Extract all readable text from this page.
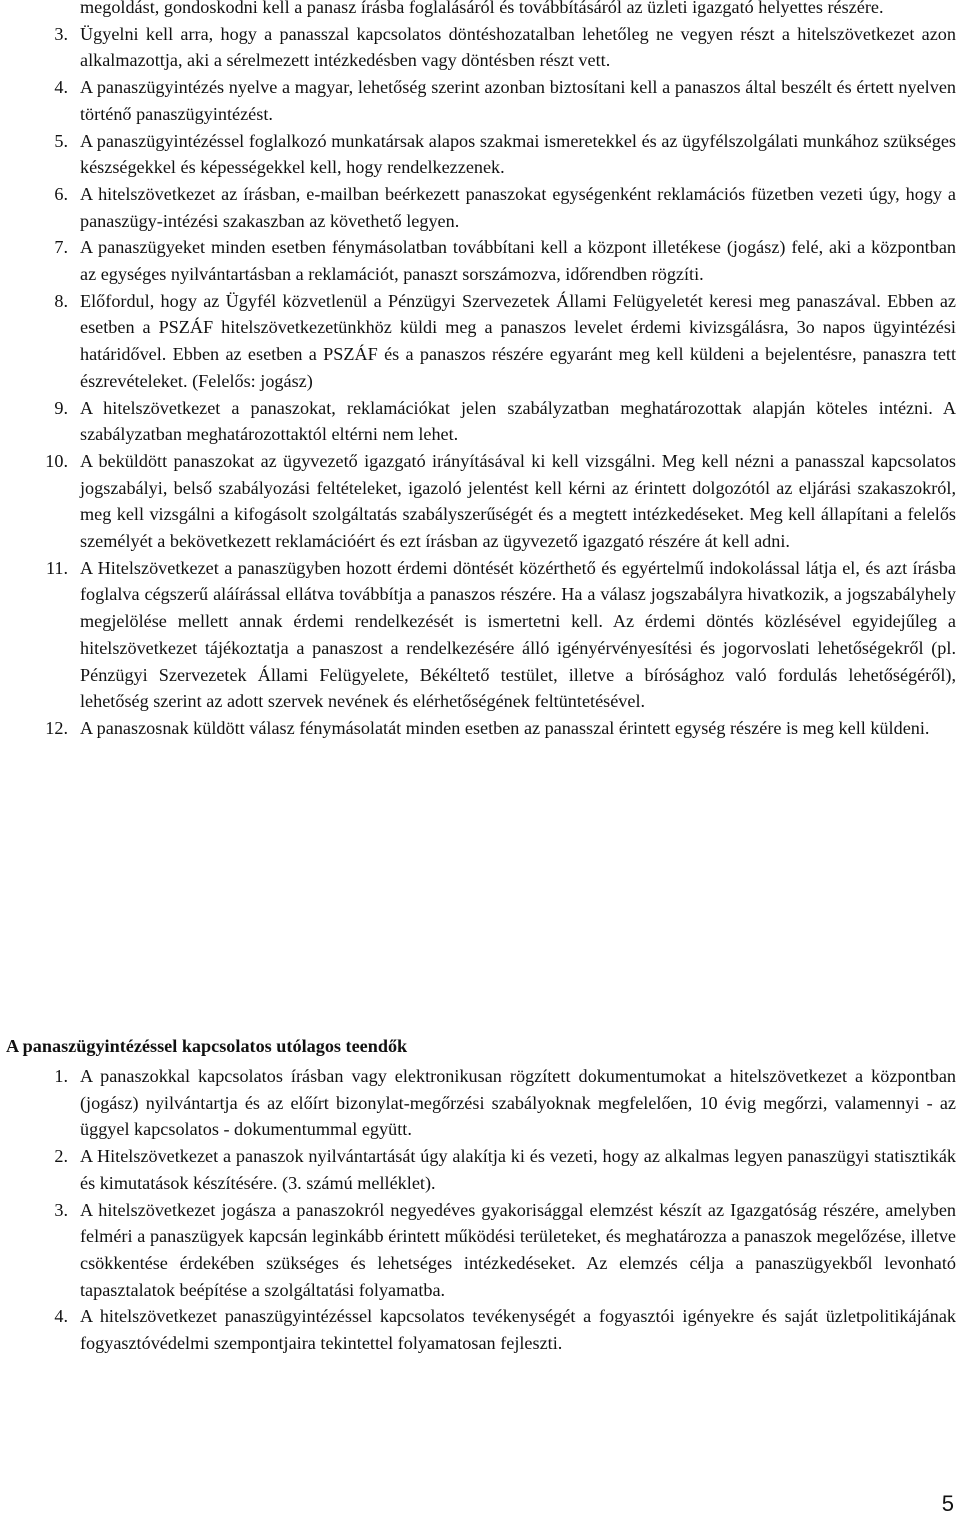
megoldást, gondoskodni kell a panasz írásba foglalásáról és továbbításáról az üzleti igazgató helyettes részére.
3. Ügyelni kell arra, hogy a panasszal kapcsolatos döntéshozatalban lehetőleg ne vegyen részt a hitelszövetkezet azon alkalmazottja, aki a sérelmezett intézkedésben vagy döntésben részt vett.
4. A panaszügyintézés nyelve a magyar, lehetőség szerint azonban biztosítani kell a panaszos által beszélt és értett nyelven történő panaszügyintézést.
5. A panaszügyintézéssel foglalkozó munkatársak alapos szakmai ismeretekkel és az ügyfélszolgálati munkához szükséges készségekkel és képességekkel kell, hogy rendelkezzenek.
6. A hitelszövetkezet az írásban, e-mailban beérkezett panaszokat egységenként reklamációs füzetben vezeti úgy, hogy a panaszügy-intézési szakaszban az követhető legyen.
7. A panaszügyeket minden esetben fénymásolatban továbbítani kell a központ illetékese (jogász) felé, aki a központban az egységes nyilvántartásban a reklamációt, panaszt sorszámozva, időrendben rögzíti.
8. Előfordul, hogy az Ügyfél közvetlenül a Pénzügyi Szervezetek Állami Felügyeletét keresi meg panaszával. Ebben az esetben a PSZÁF hitelszövetkezetünkhöz küldi meg a panaszos levelet érdemi kivizsgálásra, 3o napos ügyintézési határidővel. Ebben az esetben a PSZÁF és a panaszos részére egyaránt meg kell küldeni a bejelentésre, panaszra tett észrevételeket. (Felelős: jogász)
9. A hitelszövetkezet a panaszokat, reklamációkat jelen szabályzatban meghatározottak alapján köteles intézni. A szabályzatban meghatározottaktól eltérni nem lehet.
10. A beküldött panaszokat az ügyvezető igazgató irányításával ki kell vizsgálni. Meg kell nézni a panasszal kapcsolatos jogszabályi, belső szabályozási feltételeket, igazoló jelentést kell kérni az érintett dolgozótól az eljárási szakaszokról, meg kell vizsgálni a kifogásolt szolgáltatás szabályszerűségét és a megtett intézkedéseket. Meg kell állapítani a felelős személyét a bekövetkezett reklamációért és ezt írásban az ügyvezető igazgató részére át kell adni.
11. A Hitelszövetkezet a panaszügyben hozott érdemi döntését közérthető és egyértelmű indokolással látja el, és azt írásba foglalva cégszerű aláírással ellátva továbbítja a panaszos részére. Ha a válasz jogszabályra hivatkozik, a jogszabályhely megjelölése mellett annak érdemi rendelkezését is ismertetni kell. Az érdemi döntés közlésével egyidejűleg a hitelszövetkezet tájékoztatja a panaszost a rendelkezésére álló igényérvényesítési és jogorvoslati lehetőségekről (pl. Pénzügyi Szervezetek Állami Felügyelete, Békéltető testület, illetve a bírósághoz való fordulás lehetőségéről), lehetőség szerint az adott szervek nevének és elérhetőségének feltüntetésével.
12. A panaszosnak küldött válasz fénymásolatát minden esetben az panasszal érintett egység részére is meg kell küldeni.
A panaszügyintézéssel kapcsolatos utólagos teendők
1. A panaszokkal kapcsolatos írásban vagy elektronikusan rögzített dokumentumokat a hitelszövetkezet a központban (jogász) nyilvántartja és az előírt bizonylat-megőrzési szabályoknak megfelelően, 10 évig megőrzi, valamennyi - az üggyel kapcsolatos - dokumentummal együtt.
2. A Hitelszövetkezet a panaszok nyilvántartását úgy alakítja ki és vezeti, hogy az alkalmas legyen panaszügyi statisztikák és kimutatások készítésére. (3. számú melléklet).
3. A hitelszövetkezet jogásza a panaszokról negyedéves gyakorisággal elemzést készít az Igazgatóság részére, amelyben felméri a panaszügyek kapcsán leginkább érintett működési területeket, és meghatározza a panaszok megelőzése, illetve csökkentése érdekében szükséges és lehetséges intézkedéseket. Az elemzés célja a panaszügyekből levonható tapasztalatok beépítése a szolgáltatási folyamatba.
4. A hitelszövetkezet panaszügyintézéssel kapcsolatos tevékenységét a fogyasztói igényekre és saját üzletpolitikájának fogyasztóvédelmi szempontjaira tekintettel folyamatosan fejleszti.
5
